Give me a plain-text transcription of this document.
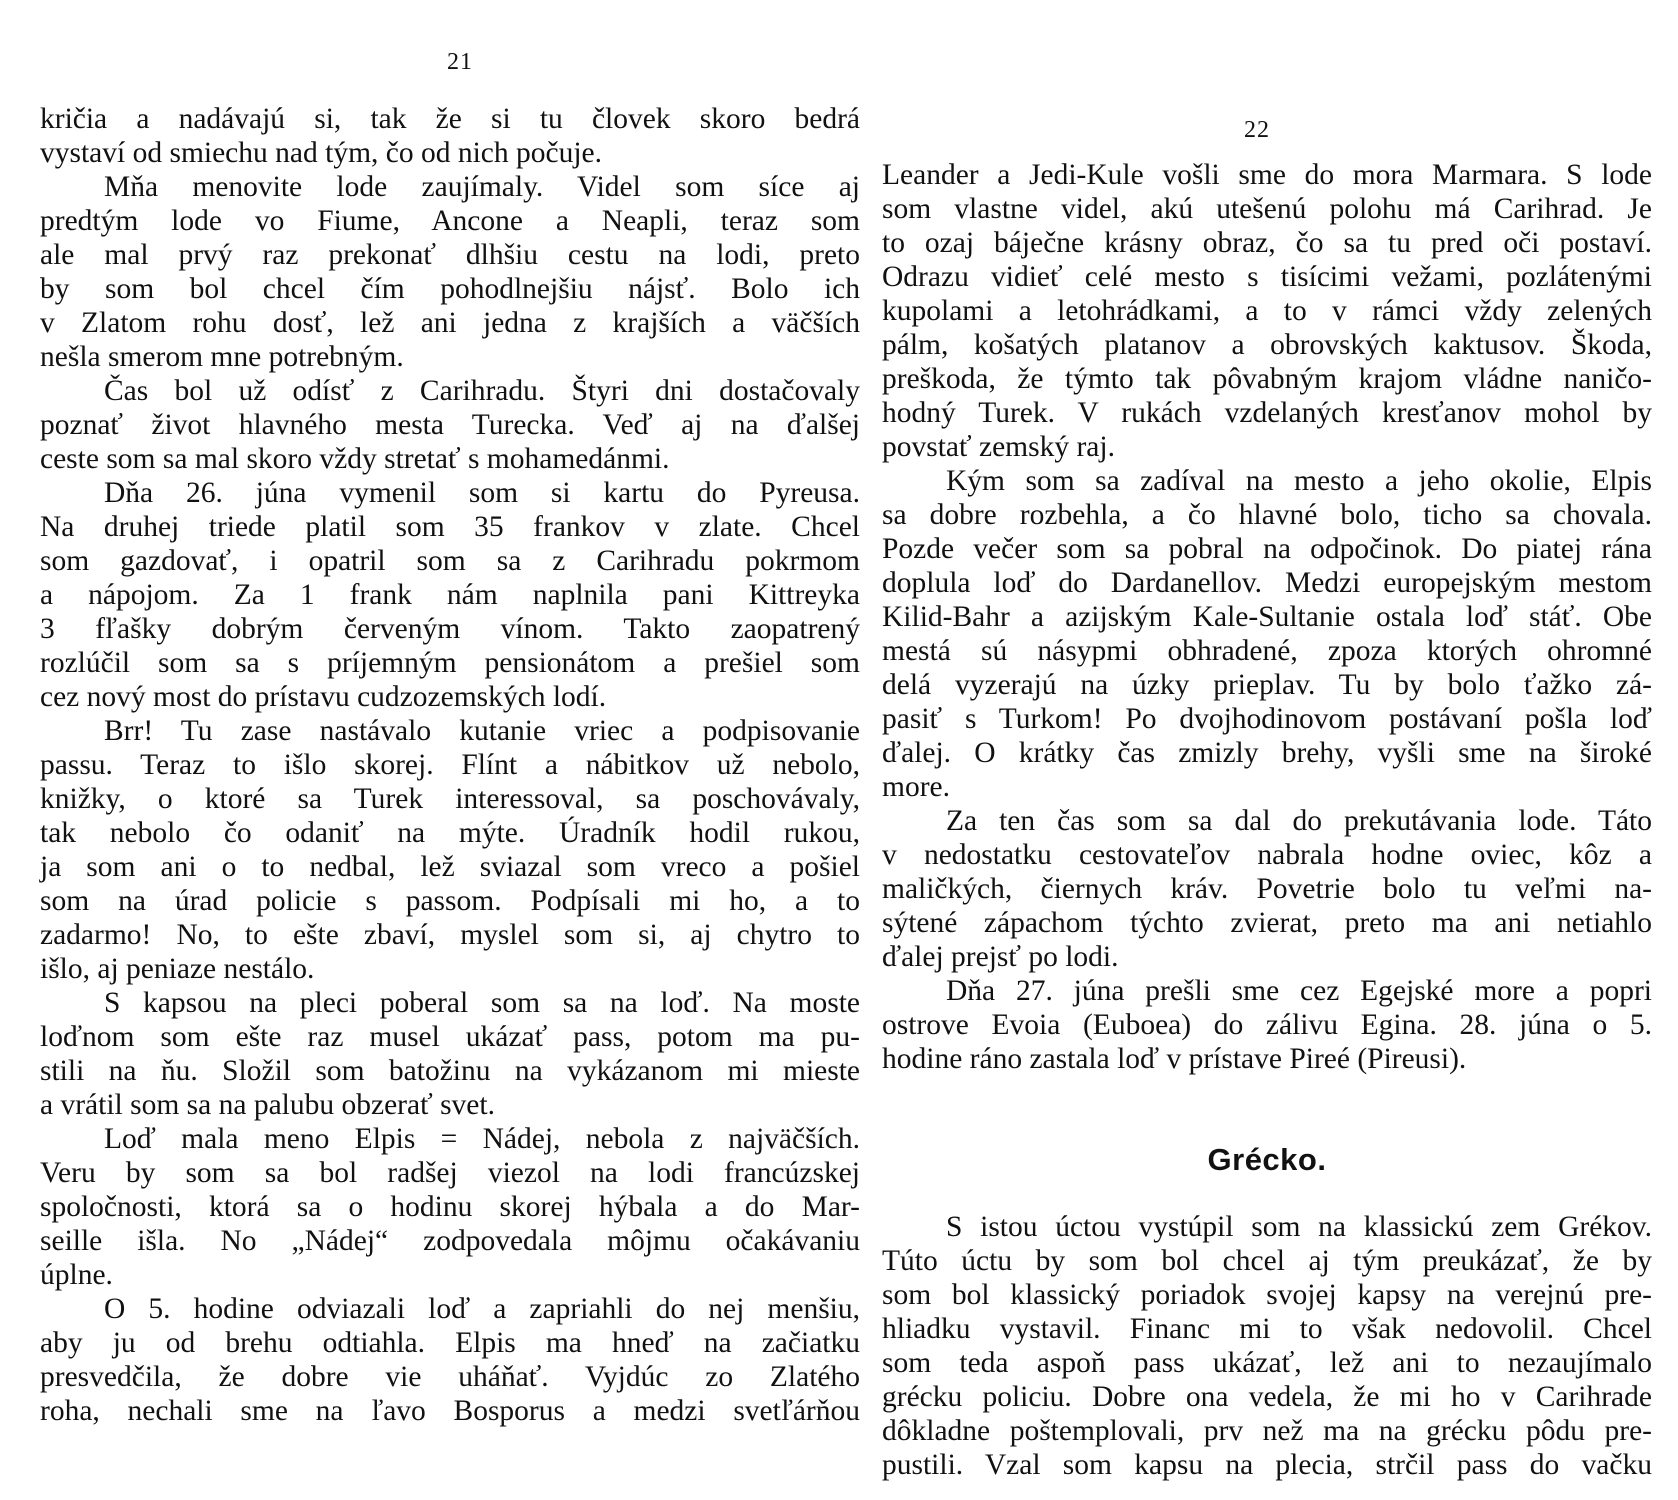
21
kričia a nadávajú si, tak že si tu človek skoro bedrá
vystaví od smiechu nad tým, čo od nich počuje.
Mňa menovite lode zaujímaly. Videl som síce aj
predtým lode vo Fiume, Ancone a Neapli, teraz som
ale mal prvý raz prekonať dlhšiu cestu na lodi, preto
by som bol chcel čím pohodlnejšiu nájsť. Bolo ich
v Zlatom rohu dosť, lež ani jedna z krajších a väčších
nešla smerom mne potrebným.
Čas bol už odísť z Carihradu. Štyri dni dostačovaly
poznať život hlavného mesta Turecka. Veď aj na ďalšej
ceste som sa mal skoro vždy stretať s mohamedánmi.
Dňa 26. júna vymenil som si kartu do Pyreusa.
Na druhej triede platil som 35 frankov v zlate. Chcel
som gazdovať, i opatril som sa z Carihradu pokrmom
a nápojom. Za 1 frank nám naplnila pani Kittreyka
3 fľašky dobrým červeným vínom. Takto zaopatrený
rozlúčil som sa s príjemným pensionátom a prešiel som
cez nový most do prístavu cudzozemských lodí.
Brr! Tu zase nastávalo kutanie vriec a podpisovanie
passu. Teraz to išlo skorej. Flínt a nábitkov už nebolo,
knižky, o ktoré sa Turek interessoval, sa poschovávaly,
tak nebolo čo odaniť na mýte. Úradník hodil rukou,
ja som ani o to nedbal, lež sviazal som vreco a pošiel
som na úrad policie s passom. Podpísali mi ho, a to
zadarmo! No, to ešte zbaví, myslel som si, aj chytro to
išlo, aj peniaze nestálo.
S kapsou na pleci poberal som sa na loď. Na moste
loďnom som ešte raz musel ukázať pass, potom ma pu-
stili na ňu. Složil som batožinu na vykázanom mi mieste
a vrátil som sa na palubu obzerať svet.
Loď mala meno Elpis = Nádej, nebola z najväčších.
Veru by som sa bol radšej viezol na lodi francúzskej
spoločnosti, ktorá sa o hodinu skorej hýbala a do Mar-
seille išla. No „Nádej“ zodpovedala môjmu očakávaniu
úplne.
O 5. hodine odviazali loď a zapriahli do nej menšiu,
aby ju od brehu odtiahla. Elpis ma hneď na začiatku
presvedčila, že dobre vie uháňať. Vyjdúc zo Zlatého
roha, nechali sme na ľavo Bosporus a medzi svetľárňou
22
Leander a Jedi-Kule vošli sme do mora Marmara. S lode
som vlastne videl, akú utešenú polohu má Carihrad. Je
to ozaj báječne krásny obraz, čo sa tu pred oči postaví.
Odrazu vidieť celé mesto s tisícimi vežami, pozlátenými
kupolami a letohrádkami, a to v rámci vždy zelených
pálm, košatých platanov a obrovských kaktusov. Škoda,
preškoda, že týmto tak pôvabným krajom vládne naničo-
hodný Turek. V rukách vzdelaných kresťanov mohol by
povstať zemský raj.
Kým som sa zadíval na mesto a jeho okolie, Elpis
sa dobre rozbehla, a čo hlavné bolo, ticho sa chovala.
Pozde večer som sa pobral na odpočinok. Do piatej rána
doplula loď do Dardanellov. Medzi europejským mestom
Kilid-Bahr a azijským Kale-Sultanie ostala loď stáť. Obe
mestá sú násypmi obhradené, zpoza ktorých ohromné
delá vyzerajú na úzky prieplav. Tu by bolo ťažko zá-
pasiť s Turkom! Po dvojhodinovom postávaní pošla loď
ďalej. O krátky čas zmizly brehy, vyšli sme na široké
more.
Za ten čas som sa dal do prekutávania lode. Táto
v nedostatku cestovateľov nabrala hodne oviec, kôz a
maličkých, čiernych kráv. Povetrie bolo tu veľmi na-
sýtené zápachom týchto zvierat, preto ma ani netiahlo
ďalej prejsť po lodi.
Dňa 27. júna prešli sme cez Egejské more a popri
ostrove Evoia (Euboea) do zálivu Egina. 28. júna o 5.
hodine ráno zastala loď v prístave Pireé (Pireusi).
Grécko.
S istou úctou vystúpil som na klassickú zem Grékov.
Túto úctu by som bol chcel aj tým preukázať, že by
som bol klassický poriadok svojej kapsy na verejnú pre-
hliadku vystavil. Financ mi to však nedovolil. Chcel
som teda aspoň pass ukázať, lež ani to nezaujímalo
grécku policiu. Dobre ona vedela, že mi ho v Carihrade
dôkladne poštemplovali, prv než ma na grécku pôdu pre-
pustili. Vzal som kapsu na plecia, strčil pass do vačku
